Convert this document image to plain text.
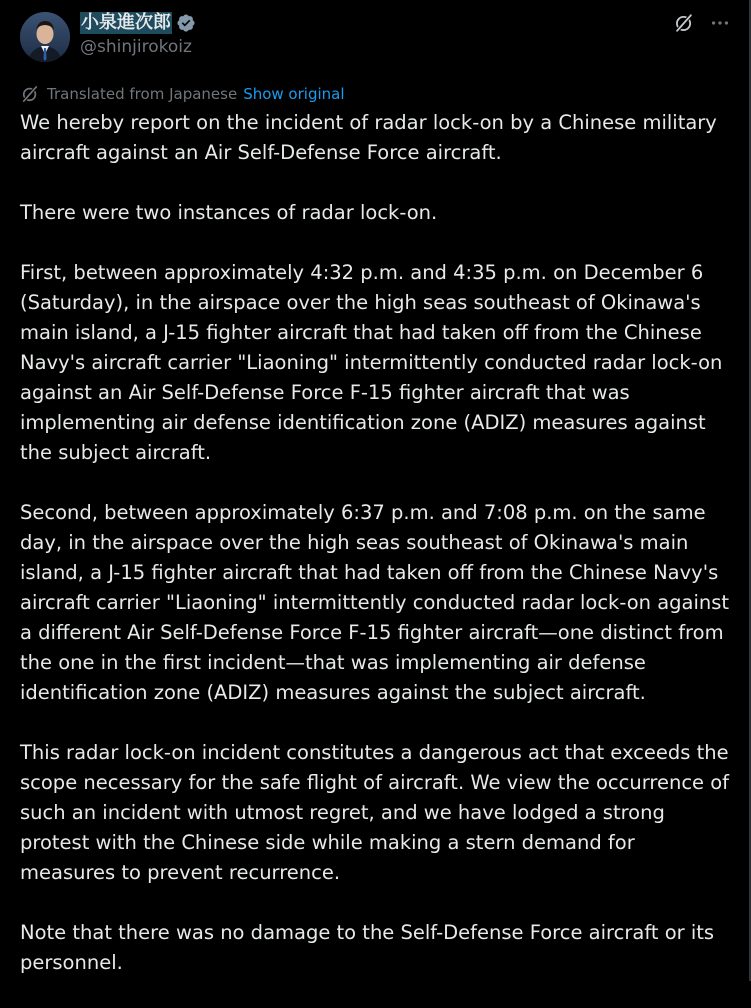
小泉進次郎
@shinjirokoiz
Translated from Japanese Show original

We hereby report on the incident of radar lock-on by a Chinese military aircraft against an Air Self-Defense Force aircraft.

There were two instances of radar lock-on.

First, between approximately 4:32 p.m. and 4:35 p.m. on December 6 (Saturday), in the airspace over the high seas southeast of Okinawa's main island, a J-15 fighter aircraft that had taken off from the Chinese Navy's aircraft carrier "Liaoning" intermittently conducted radar lock-on against an Air Self-Defense Force F-15 fighter aircraft that was implementing air defense identification zone (ADIZ) measures against the subject aircraft.

Second, between approximately 6:37 p.m. and 7:08 p.m. on the same day, in the airspace over the high seas southeast of Okinawa's main island, a J-15 fighter aircraft that had taken off from the Chinese Navy's aircraft carrier "Liaoning" intermittently conducted radar lock-on against a different Air Self-Defense Force F-15 fighter aircraft—one distinct from the one in the first incident—that was implementing air defense identification zone (ADIZ) measures against the subject aircraft.

This radar lock-on incident constitutes a dangerous act that exceeds the scope necessary for the safe flight of aircraft. We view the occurrence of such an incident with utmost regret, and we have lodged a strong protest with the Chinese side while making a stern demand for measures to prevent recurrence.

Note that there was no damage to the Self-Defense Force aircraft or its personnel.
